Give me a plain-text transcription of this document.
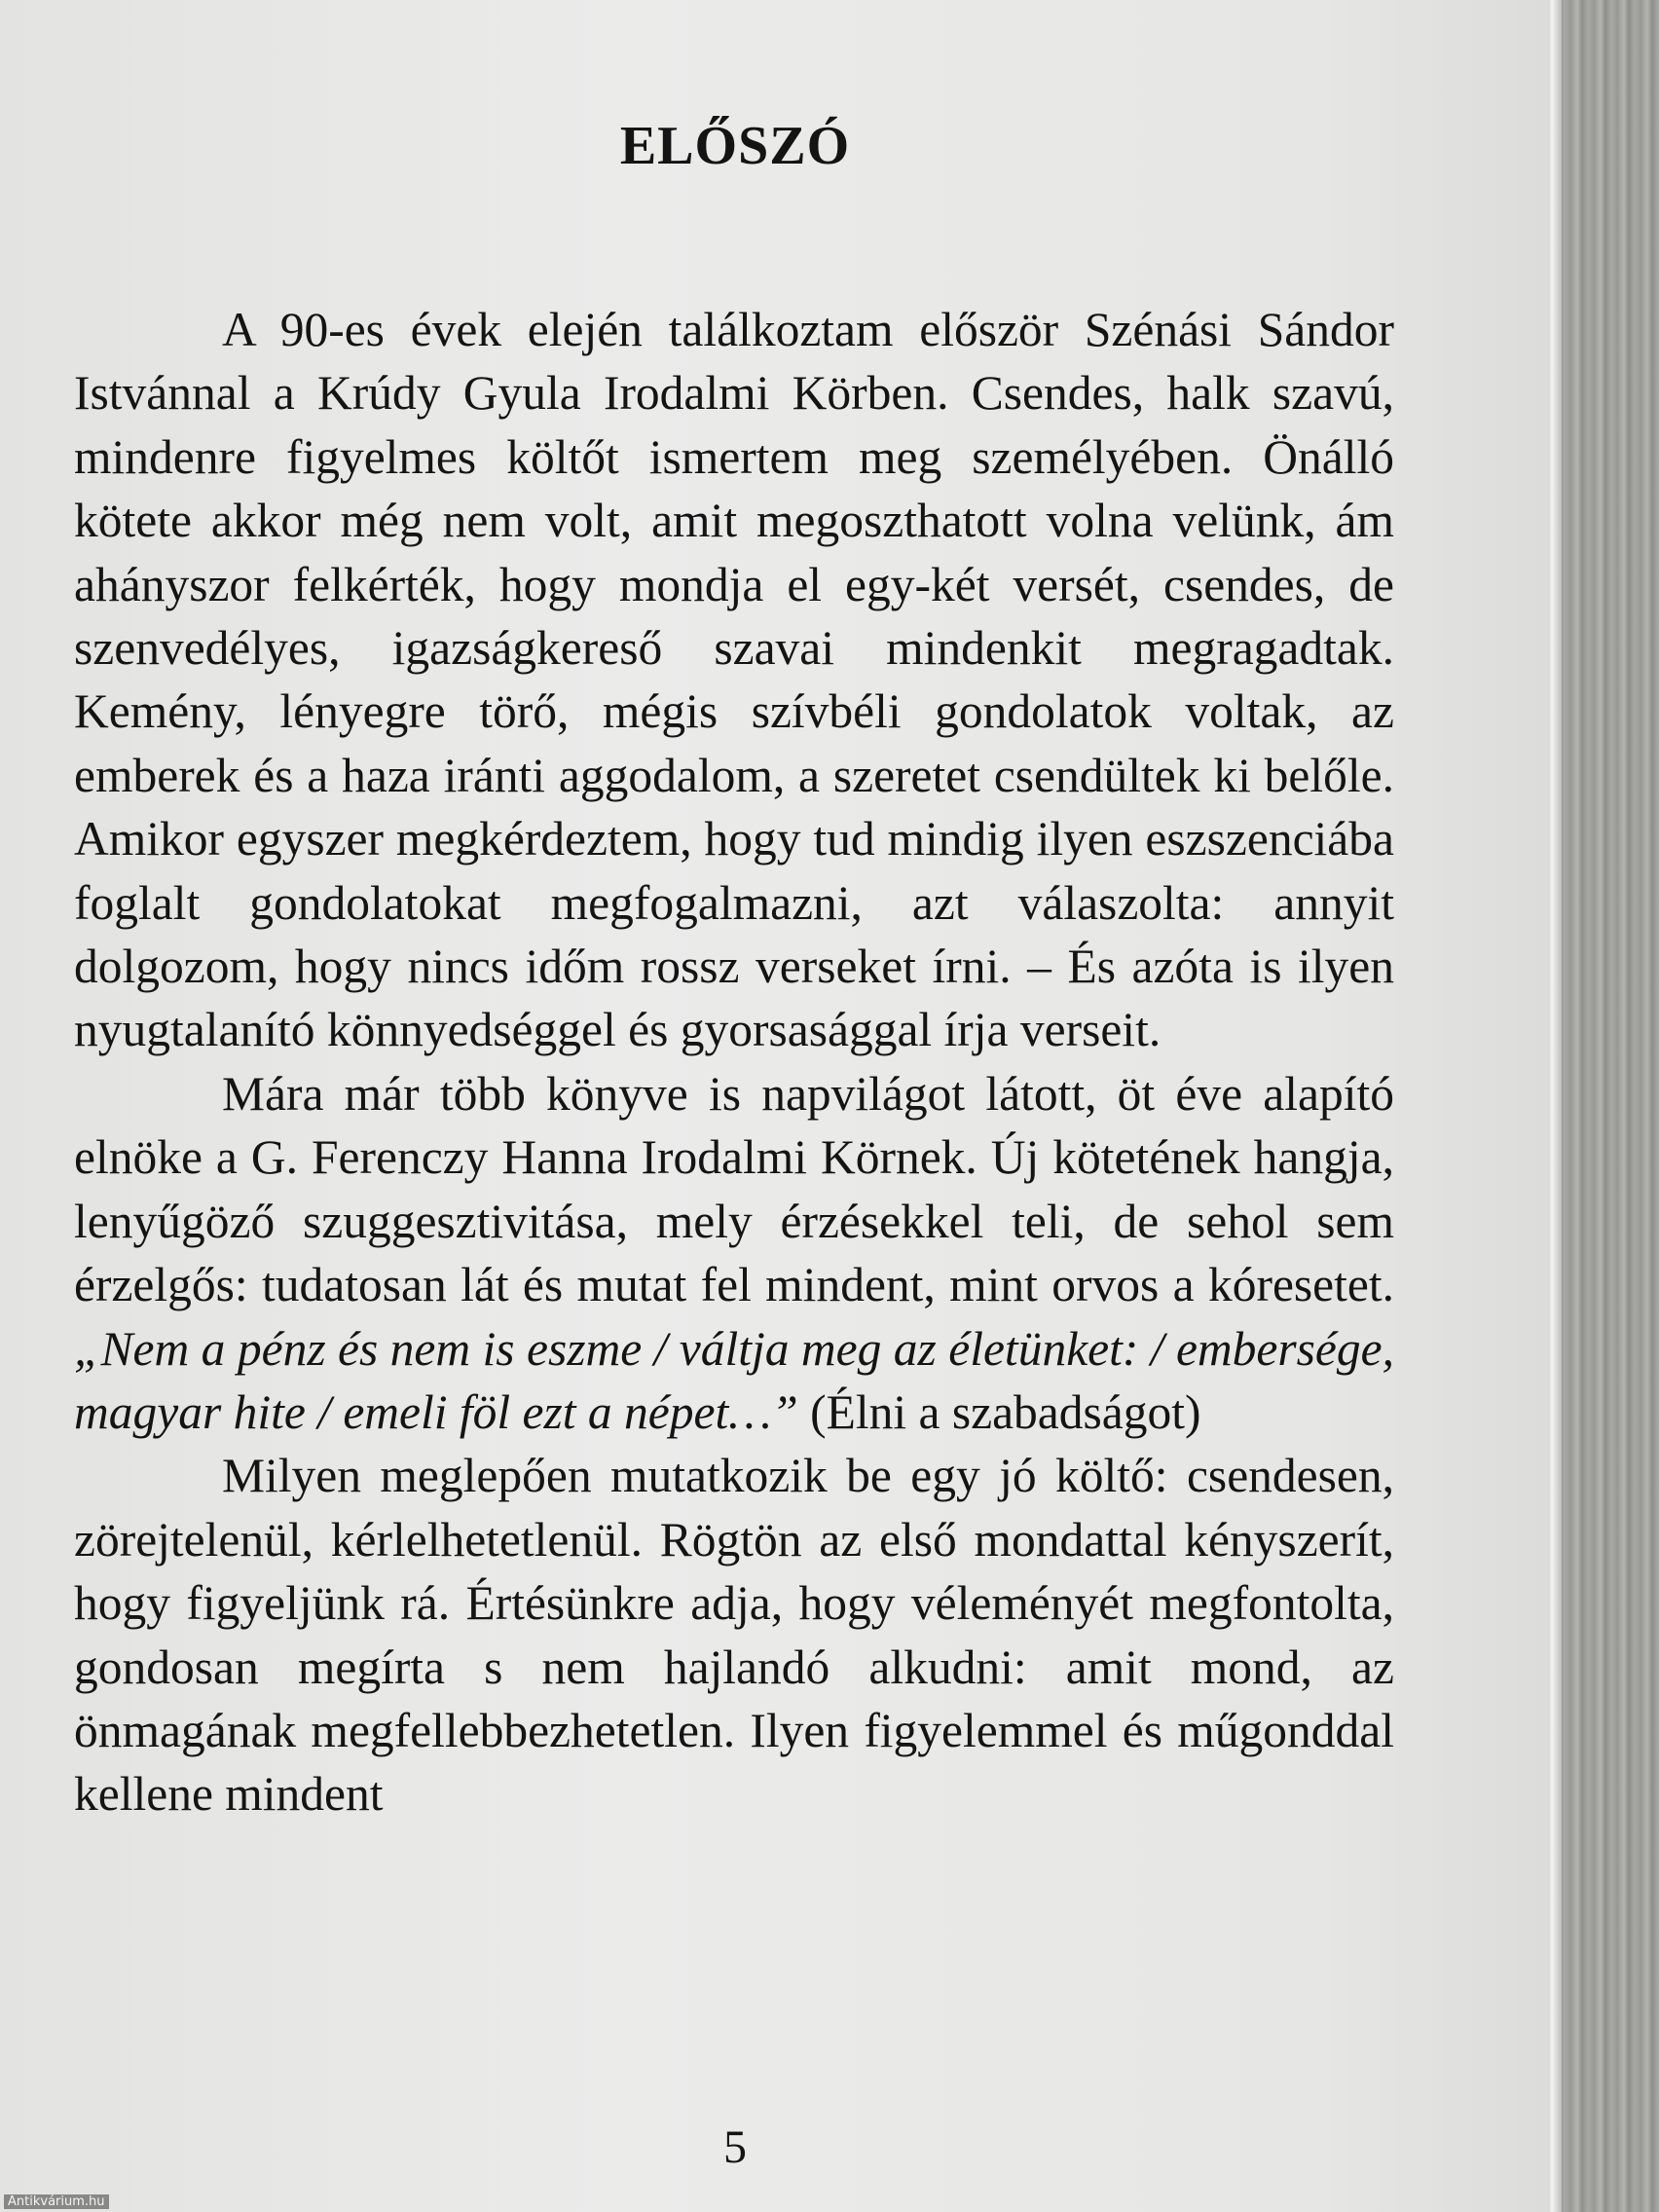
ELŐSZÓ

A 90-es évek elején találkoztam először Szénási Sándor Istvánnal a Krúdy Gyula Irodalmi Körben. Csendes, halk szavú, mindenre figyelmes költőt ismertem meg személyében. Önálló kötete akkor még nem volt, amit megoszthatott volna velünk, ám ahányszor felkérték, hogy mondja el egy-két versét, csendes, de szenvedélyes, igazságkereső szavai mindenkit megragadtak. Kemény, lényegre törő, mégis szívbéli gondolatok voltak, az emberek és a haza iránti aggodalom, a szeretet csendültek ki belőle. Amikor egyszer megkérdeztem, hogy tud mindig ilyen eszszenciába foglalt gondolatokat megfogalmazni, azt válaszolta: annyit dolgozom, hogy nincs időm rossz verseket írni. – És azóta is ilyen nyugtalanító könnyedséggel és gyorsasággal írja verseit.

Mára már több könyve is napvilágot látott, öt éve alapító elnöke a G. Ferenczy Hanna Irodalmi Körnek. Új kötetének hangja, lenyűgöző szuggesztivitása, mely érzésekkel teli, de sehol sem érzelgős: tudatosan lát és mutat fel mindent, mint orvos a kóresetet. „Nem a pénz és nem is eszme / váltja meg az életünket: / embersége, magyar hite / emeli föl ezt a népet…” (Élni a szabadságot)

Milyen meglepően mutatkozik be egy jó költő: csendesen, zörejtelenül, kérlelhetetlenül. Rögtön az első mondattal kényszerít, hogy figyeljünk rá. Értésünkre adja, hogy véleményét megfontolta, gondosan megírta s nem hajlandó alkudni: amit mond, az önmagának megfellebbezhetetlen. Ilyen figyelemmel és műgonddal kellene mindent

5
Antikvárium.hu
